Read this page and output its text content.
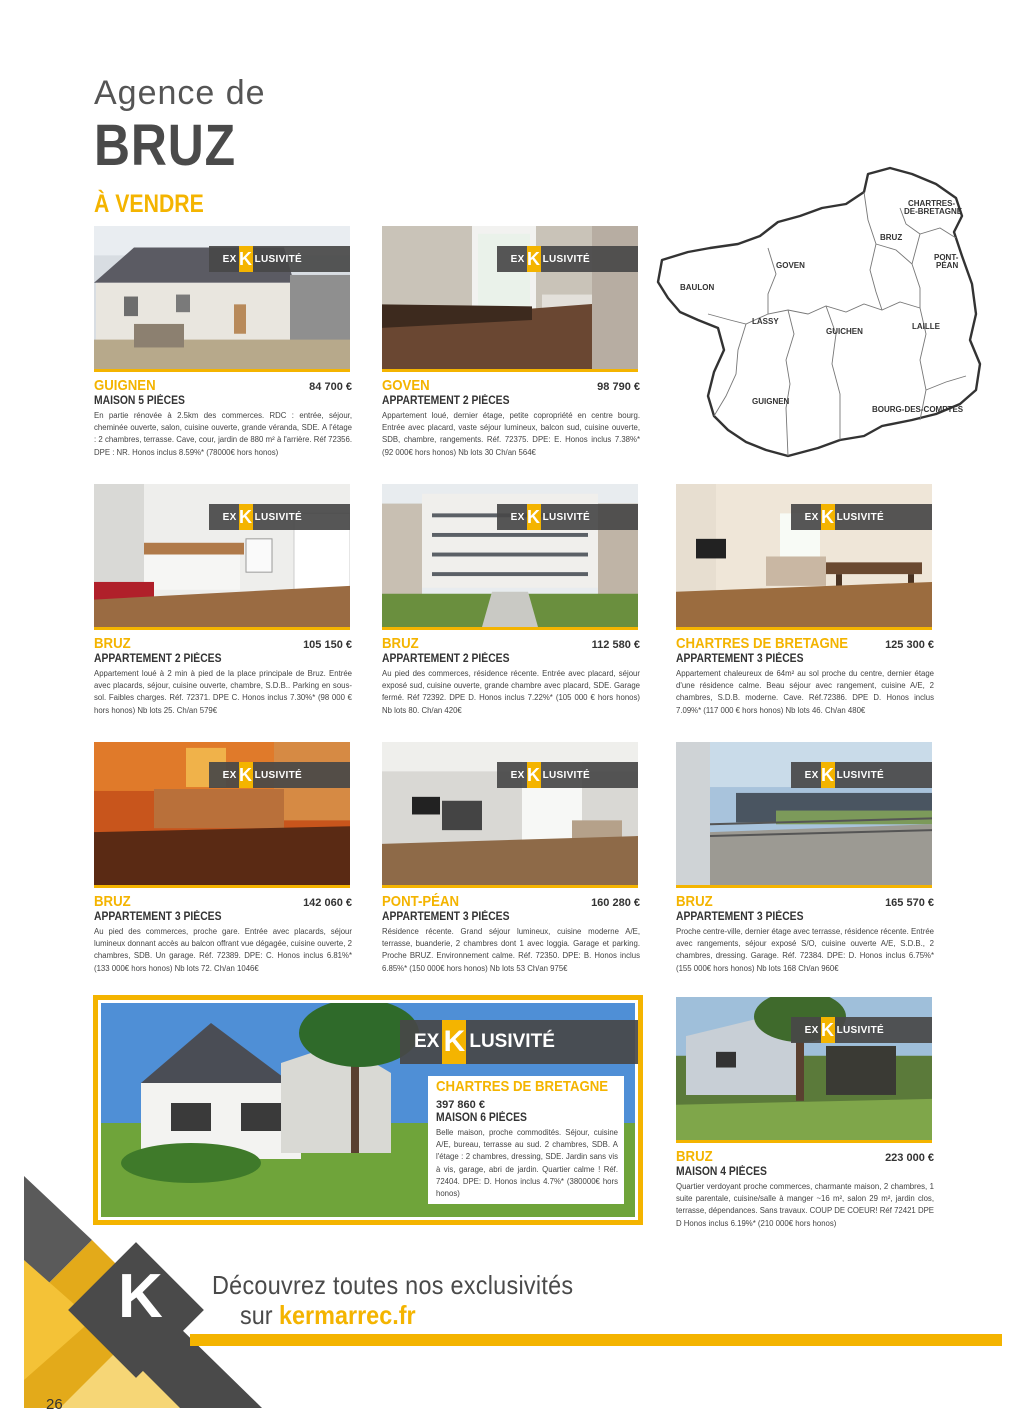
Agence de
BRUZ
À VENDRE	CHARTRES-
DE-BRETAGNE
BRUZ
PONT-
PÉAN
GOVEN
BAULON
LASSY
GUICHEN
LAILLE
GUIGNEN
BOURG-DES-COMPTES
EX K LUSIVITÉ
GUIGNEN	84 700 €
MAISON 5 PIÈCES
En partie rénovée à 2.5km des commerces. RDC : entrée, séjour, cheminée ouverte, salon, cuisine ouverte, grande véranda, SDE. A l'étage : 2 chambres, terrasse. Cave, cour, jardin de 880 m² à l'arrière. Réf 72356. DPE : NR. Honos inclus 8.59%* (78000€ hors honos)
EX K LUSIVITÉ
GOVEN	98 790 €
APPARTEMENT 2 PIÈCES
Appartement loué, dernier étage, petite copropriété en centre bourg. Entrée avec placard, vaste séjour lumineux, balcon sud, cuisine ouverte, SDB, chambre, rangements. Réf. 72375. DPE: E. Honos inclus 7.38%* (92 000€ hors honos) Nb lots 30 Ch/an 564€
EX K LUSIVITÉ
BRUZ	105 150 €
APPARTEMENT 2 PIÈCES
Appartement loué à 2 min à pied de la place principale de Bruz. Entrée avec placards, séjour, cuisine ouverte, chambre, S.D.B.. Parking en sous-sol. Faibles charges. Réf. 72371. DPE C. Honos inclus 7.30%* (98 000 € hors honos) Nb lots 25. Ch/an 579€
EX K LUSIVITÉ
BRUZ	112 580 €
APPARTEMENT 2 PIÈCES
Au pied des commerces, résidence récente. Entrée avec placard, séjour exposé sud, cuisine ouverte, grande chambre avec placard, SDE. Garage fermé. Réf 72392. DPE D. Honos inclus 7.22%* (105 000 € hors honos) Nb lots 80. Ch/an 420€
EX K LUSIVITÉ
CHARTRES DE BRETAGNE	125 300 €
APPARTEMENT 3 PIÈCES
Appartement chaleureux de 64m² au sol proche du centre, dernier étage d'une résidence calme. Beau séjour avec rangement, cuisine A/E, 2 chambres, S.D.B. moderne. Cave. Réf.72386. DPE D. Honos inclus 7.09%* (117 000 € hors honos) Nb lots 46. Ch/an 480€
EX K LUSIVITÉ
BRUZ	142 060 €
APPARTEMENT 3 PIÈCES
Au pied des commerces, proche gare. Entrée avec placards, séjour lumineux donnant accès au balcon offrant vue dégagée, cuisine ouverte, 2 chambres, SDB. Un garage. Réf. 72389. DPE: C. Honos inclus 6.81%* (133 000€ hors honos) Nb lots 72. Ch/an 1046€
EX K LUSIVITÉ
PONT-PÉAN	160 280 €
APPARTEMENT 3 PIÈCES
Résidence récente. Grand séjour lumineux, cuisine moderne A/E, terrasse, buanderie, 2 chambres dont 1 avec loggia. Garage et parking. Proche BRUZ. Environnement calme. Réf. 72350. DPE: B. Honos inclus 6.85%* (150 000€ hors honos) Nb lots 53 Ch/an 975€
EX K LUSIVITÉ
BRUZ	165 570 €
APPARTEMENT 3 PIÈCES
Proche centre-ville, dernier étage avec terrasse, résidence récente. Entrée avec rangements, séjour exposé S/O, cuisine ouverte A/E, S.D.B., 2 chambres, dressing. Garage. Réf. 72384. DPE: D. Honos inclus 6.75%* (155 000€ hors honos) Nb lots 168 Ch/an 960€
EX K LUSIVITÉ
BRUZ	223 000 €
MAISON 4 PIÈCES
Quartier verdoyant proche commerces, charmante maison, 2 chambres, 1 suite parentale, cuisine/salle à manger ~16 m², salon 29 m², jardin clos, terrasse, dépendances. Sans travaux. COUP DE COEUR! Réf 72421 DPE D Honos inclus 6.19%* (210 000€ hors honos)
EX K LUSIVITÉ
CHARTRES DE BRETAGNE
397 860 €
MAISON 6 PIÈCES
Belle maison, proche commodités. Séjour, cuisine A/E, bureau, terrasse au sud. 2 chambres, SDB. A l'étage : 2 chambres, dressing, SDE. Jardin sans vis à vis, garage, abri de jardin. Quartier calme ! Réf. 72404. DPE: D. Honos inclus 4.7%* (380000€ hors honos)
K Découvrez toutes nos exclusivités
sur kermarrec.fr
26
